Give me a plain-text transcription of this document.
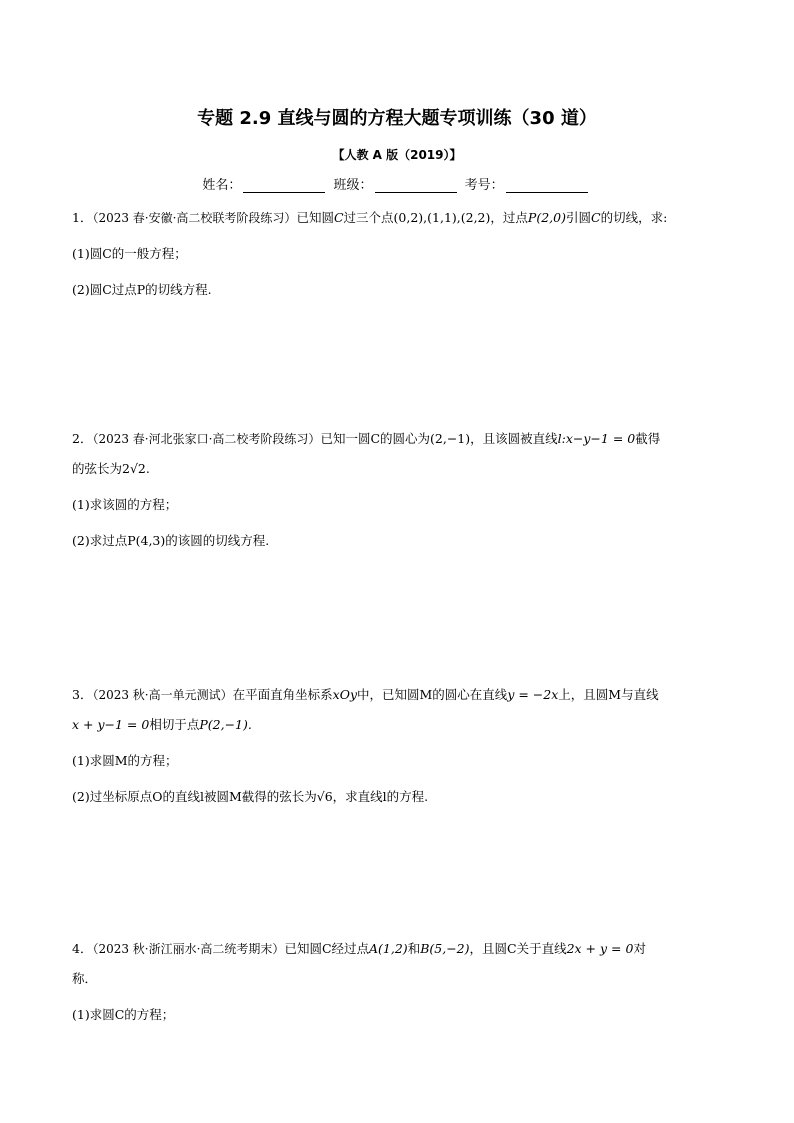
专题 2.9 直线与圆的方程大题专项训练（30 道）
【人教 A 版（2019）】
姓名：	班级：	考号：
1．（2023 春·安徽·高二校联考阶段练习）已知圆C过三个点(0,2),(1,1),(2,2)，过点P(2,0)引圆C的切线，求:
(1)圆C的一般方程；
(2)圆C过点P的切线方程.
2．（2023 春·河北张家口·高二校考阶段练习）已知一圆C的圆心为(2,−1)，且该圆被直线l:x−y−1 = 0截得
的弦长为2√2.
(1)求该圆的方程；
(2)求过点P(4,3)的该圆的切线方程.
3．（2023 秋·高一单元测试）在平面直角坐标系xOy中，已知圆M的圆心在直线y = −2x上，且圆M与直线
x + y−1 = 0相切于点P(2,−1).
(1)求圆M的方程；
(2)过坐标原点O的直线l被圆M截得的弦长为√6，求直线l的方程.
4．（2023 秋·浙江丽水·高二统考期末）已知圆C经过点A(1,2)和B(5,−2)，且圆C关于直线2x + y = 0对
称．
(1)求圆C的方程；
